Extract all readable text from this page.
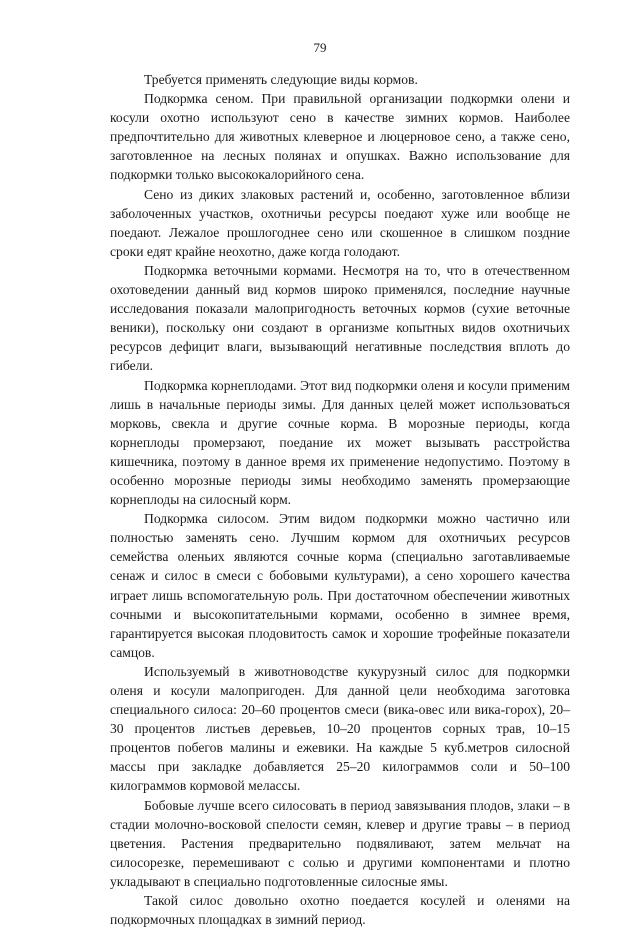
79

Требуется применять следующие виды кормов.

Подкормка сеном. При правильной организации подкормки олени и косули охотно используют сено в качестве зимних кормов. Наиболее предпочтительно для животных клеверное и люцерновое сено, а также сено, заготовленное на лесных полянах и опушках. Важно использование для подкормки только высококалорийного сена.

Сено из диких злаковых растений и, особенно, заготовленное вблизи заболоченных участков, охотничьи ресурсы поедают хуже или вообще не поедают. Лежалое прошлогоднее сено или скошенное в слишком поздние сроки едят крайне неохотно, даже когда голодают.

Подкормка веточными кормами. Несмотря на то, что в отечественном охотоведении данный вид кормов широко применялся, последние научные исследования показали малопригодность веточных кормов (сухие веточные веники), поскольку они создают в организме копытных видов охотничьих ресурсов дефицит влаги, вызывающий негативные последствия вплоть до гибели.

Подкормка корнеплодами. Этот вид подкормки оленя и косули применим лишь в начальные периоды зимы. Для данных целей может использоваться морковь, свекла и другие сочные корма. В морозные периоды, когда корнеплоды промерзают, поедание их может вызывать расстройства кишечника, поэтому в данное время их применение недопустимо. Поэтому в особенно морозные периоды зимы необходимо заменять промерзающие корнеплоды на силосный корм.

Подкормка силосом. Этим видом подкормки можно частично или полностью заменять сено. Лучшим кормом для охотничьих ресурсов семейства оленьих являются сочные корма (специально заготавливаемые сенаж и силос в смеси с бобовыми культурами), а сено хорошего качества играет лишь вспомогательную роль. При достаточном обеспечении животных сочными и высокопитательными кормами, особенно в зимнее время, гарантируется высокая плодовитость самок и хорошие трофейные показатели самцов.

Используемый в животноводстве кукурузный силос для подкормки оленя и косули малопригоден. Для данной цели необходима заготовка специального силоса: 20–60 процентов смеси (вика-овес или вика-горох), 20–30 процентов листьев деревьев, 10–20 процентов сорных трав, 10–15 процентов побегов малины и ежевики. На каждые 5 куб.метров силосной массы при закладке добавляется 25–20 килограммов соли и 50–100 килограммов кормовой мелассы.

Бобовые лучше всего силосовать в период завязывания плодов, злаки – в стадии молочно-восковой спелости семян, клевер и другие травы – в период цветения. Растения предварительно подвяливают, затем мельчат на силосорезке, перемешивают с солью и другими компонентами и плотно укладывают в специально подготовленные силосные ямы.

Такой силос довольно охотно поедается косулей и оленями на подкормочных площадках в зимний период.
